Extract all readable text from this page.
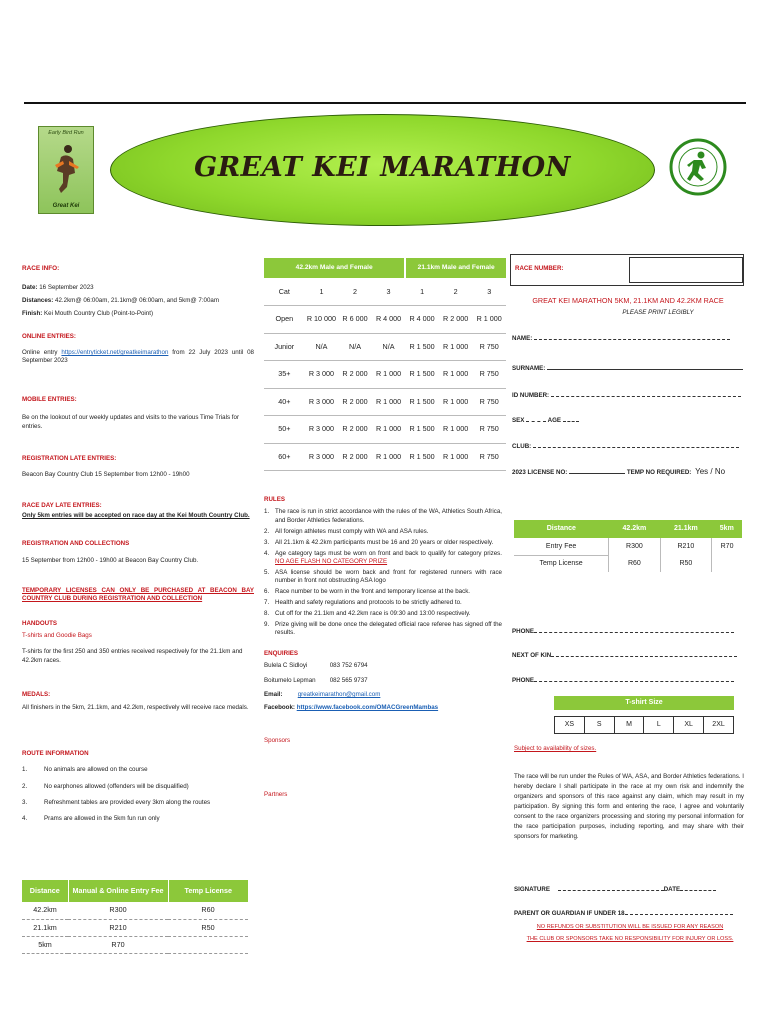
Early Bird Run
Great Kei
GREAT KEI MARATHON
RACE INFO:
Date: 16 September 2023
Distances: 42.2km@ 06:00am, 21.1km@ 06:00am, and 5km@ 7:00am
Finish: Kei Mouth Country Club (Point-to-Point)
ONLINE ENTRIES:
Online entry https://entryticket.net/greatkeimarathon from 22 July 2023 until 08 September 2023
MOBILE ENTRIES:
Be on the lookout of our weekly updates and visits to the various Time Trials for entries.
REGISTRATION LATE ENTRIES:
Beacon Bay Country Club 15 September from 12h00 - 19h00
RACE DAY LATE ENTRIES:
Only 5km entries will be accepted on race day at the Kei Mouth Country Club.
REGISTRATION AND COLLECTIONS
15 September from 12h00 - 19h00 at Beacon Bay Country Club.
TEMPORARY LICENSES CAN ONLY BE PURCHASED AT BEACON BAY COUNTRY CLUB DURING REGISTRATION AND COLLECTION
HANDOUTS
T-shirts and Goodie Bags
T-shirts for the first 250 and 350 entries received respectively for the 21.1km and 42.2km races.
MEDALS:
All finishers in the 5km, 21.1km, and 42.2km, respectively will receive race medals.
ROUTE INFORMATION
1.	No animals are allowed on the course
2.	No earphones allowed (offenders will be disqualified)
3.	Refreshment tables are provided every 3km along the routes
4.	Prams are allowed in the 5km fun run only
Distance	Manual & Online Entry Fee	Temp License
42.2km	R300	R60
21.1km	R210	R50
5km	R70	
42.2km Male and Female				21.1km Male and Female		
Cat	1	2	3	1	2	3
Open	R 10 000	R 6 000	R 4 000	R 4 000	R 2 000	R 1 000
Junior	N/A	N/A	N/A	R 1 500	R 1 000	R 750
35+	R 3 000	R 2 000	R 1 000	R 1 500	R 1 000	R 750
40+	R 3 000	R 2 000	R 1 000	R 1 500	R 1 000	R 750
50+	R 3 000	R 2 000	R 1 000	R 1 500	R 1 000	R 750
60+	R 3 000	R 2 000	R 1 000	R 1 500	R 1 000	R 750
RULES
1. The race is run in strict accordance with the rules of the WA, Athletics South Africa, and Border Athletics federations.
2. All foreign athletes must comply with WA and ASA rules.
3. All 21.1km & 42.2km participants must be 16 and 20 years or older respectively.
4. Age category tags must be worn on front and back to qualify for category prizes. NO AGE FLASH NO CATEGORY PRIZE
5. ASA license should be worn back and front for registered runners with race number in front not obstructing ASA logo
6. Race number to be worn in the front and temporary license at the back.
7. Health and safety regulations and protocols to be strictly adhered to.
8. Cut off for the 21.1km and 42.2km race is 09:30 and 13:00 respectively.
9. Prize giving will be done once the delegated official race referee has signed off the results.
ENQUIRIES
Bulela C Sidloyi	083 752 6794
Boitumelo Lepman 082 565 9737
Email: greatkeimarathon@gmail.com
Facebook: https://www.facebook.com/OMACGreenMambas
Sponsors
Partners
RACE NUMBER:
GREAT KEI MARATHON 5KM, 21.1KM AND 42.2KM RACE
PLEASE PRINT LEGIBLY
NAME:
SURNAME:
ID NUMBER:
SEX	AGE
CLUB:
2023 LICENSE NO:	TEMP NO REQUIRED: Yes / No
Distance	42.2km	21.1km	5km
Entry Fee	R300	R210	R70
Temp License	R60	R50	
PHONE
NEXT OF KIN
PHONE
T-shirt Size
XS	S	M	L	XL	2XL
Subject to availability of sizes.
The race will be run under the Rules of WA, ASA, and Border Athletics federations. I hereby declare I shall participate in the race at my own risk and indemnify the organizers and sponsors of this race against any claim, which may result in my participation. By signing this form and entering the race, I agree and voluntarily consent to the race organizers processing and storing my personal information for the race participation purposes, including reporting, and may share with their sponsors for marketing.
SIGNATURE	DATE
PARENT OR GUARDIAN IF UNDER 18
NO REFUNDS OR SUBSTITUTION WILL BE ISSUED FOR ANY REASON
THE CLUB OR SPONSORS TAKE NO RESPONSIBILITY FOR INJURY OR LOSS.
